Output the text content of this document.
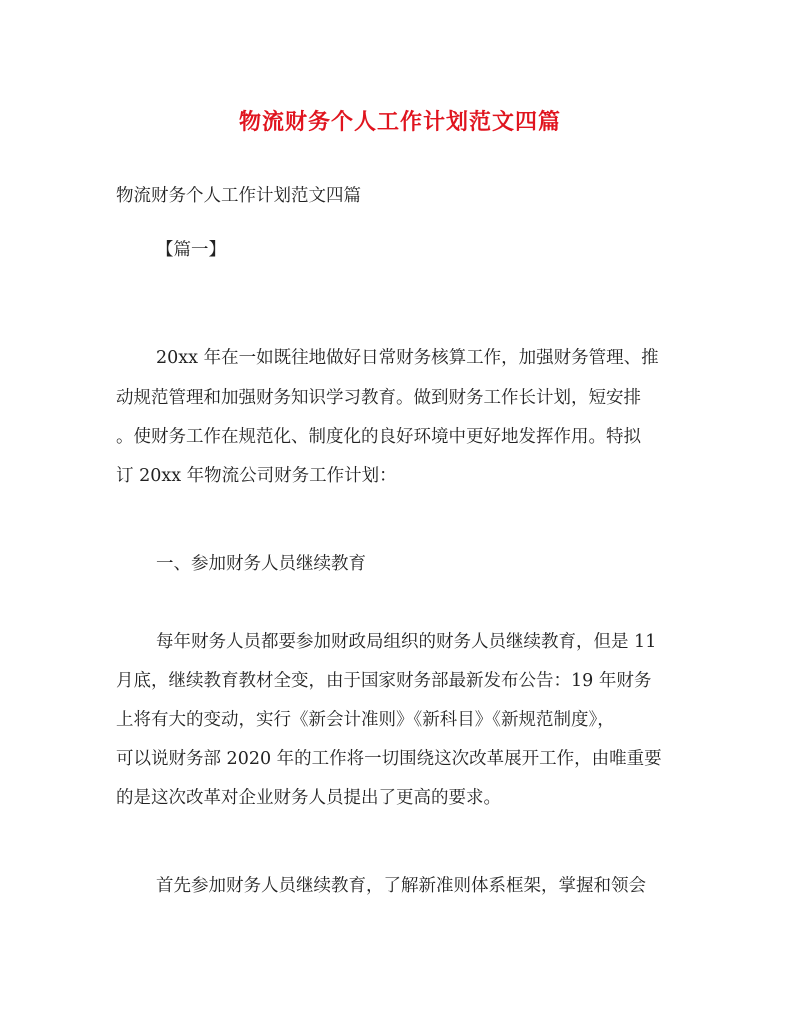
物流财务个人工作计划范文四篇
物流财务个人工作计划范文四篇
【篇一】
20xx 年在一如既往地做好日常财务核算工作，加强财务管理、推
动规范管理和加强财务知识学习教育。做到财务工作长计划，短安排
。使财务工作在规范化、制度化的良好环境中更好地发挥作用。特拟
订 20xx 年物流公司财务工作计划：
一、参加财务人员继续教育
每年财务人员都要参加财政局组织的财务人员继续教育，但是 11
月底，继续教育教材全变，由于国家财务部最新发布公告：19 年财务
上将有大的变动，实行《新会计准则》《新科目》《新规范制度》，
可以说财务部 2020 年的工作将一切围绕这次改革展开工作，由唯重要
的是这次改革对企业财务人员提出了更高的要求。
首先参加财务人员继续教育，了解新准则体系框架，掌握和领会
